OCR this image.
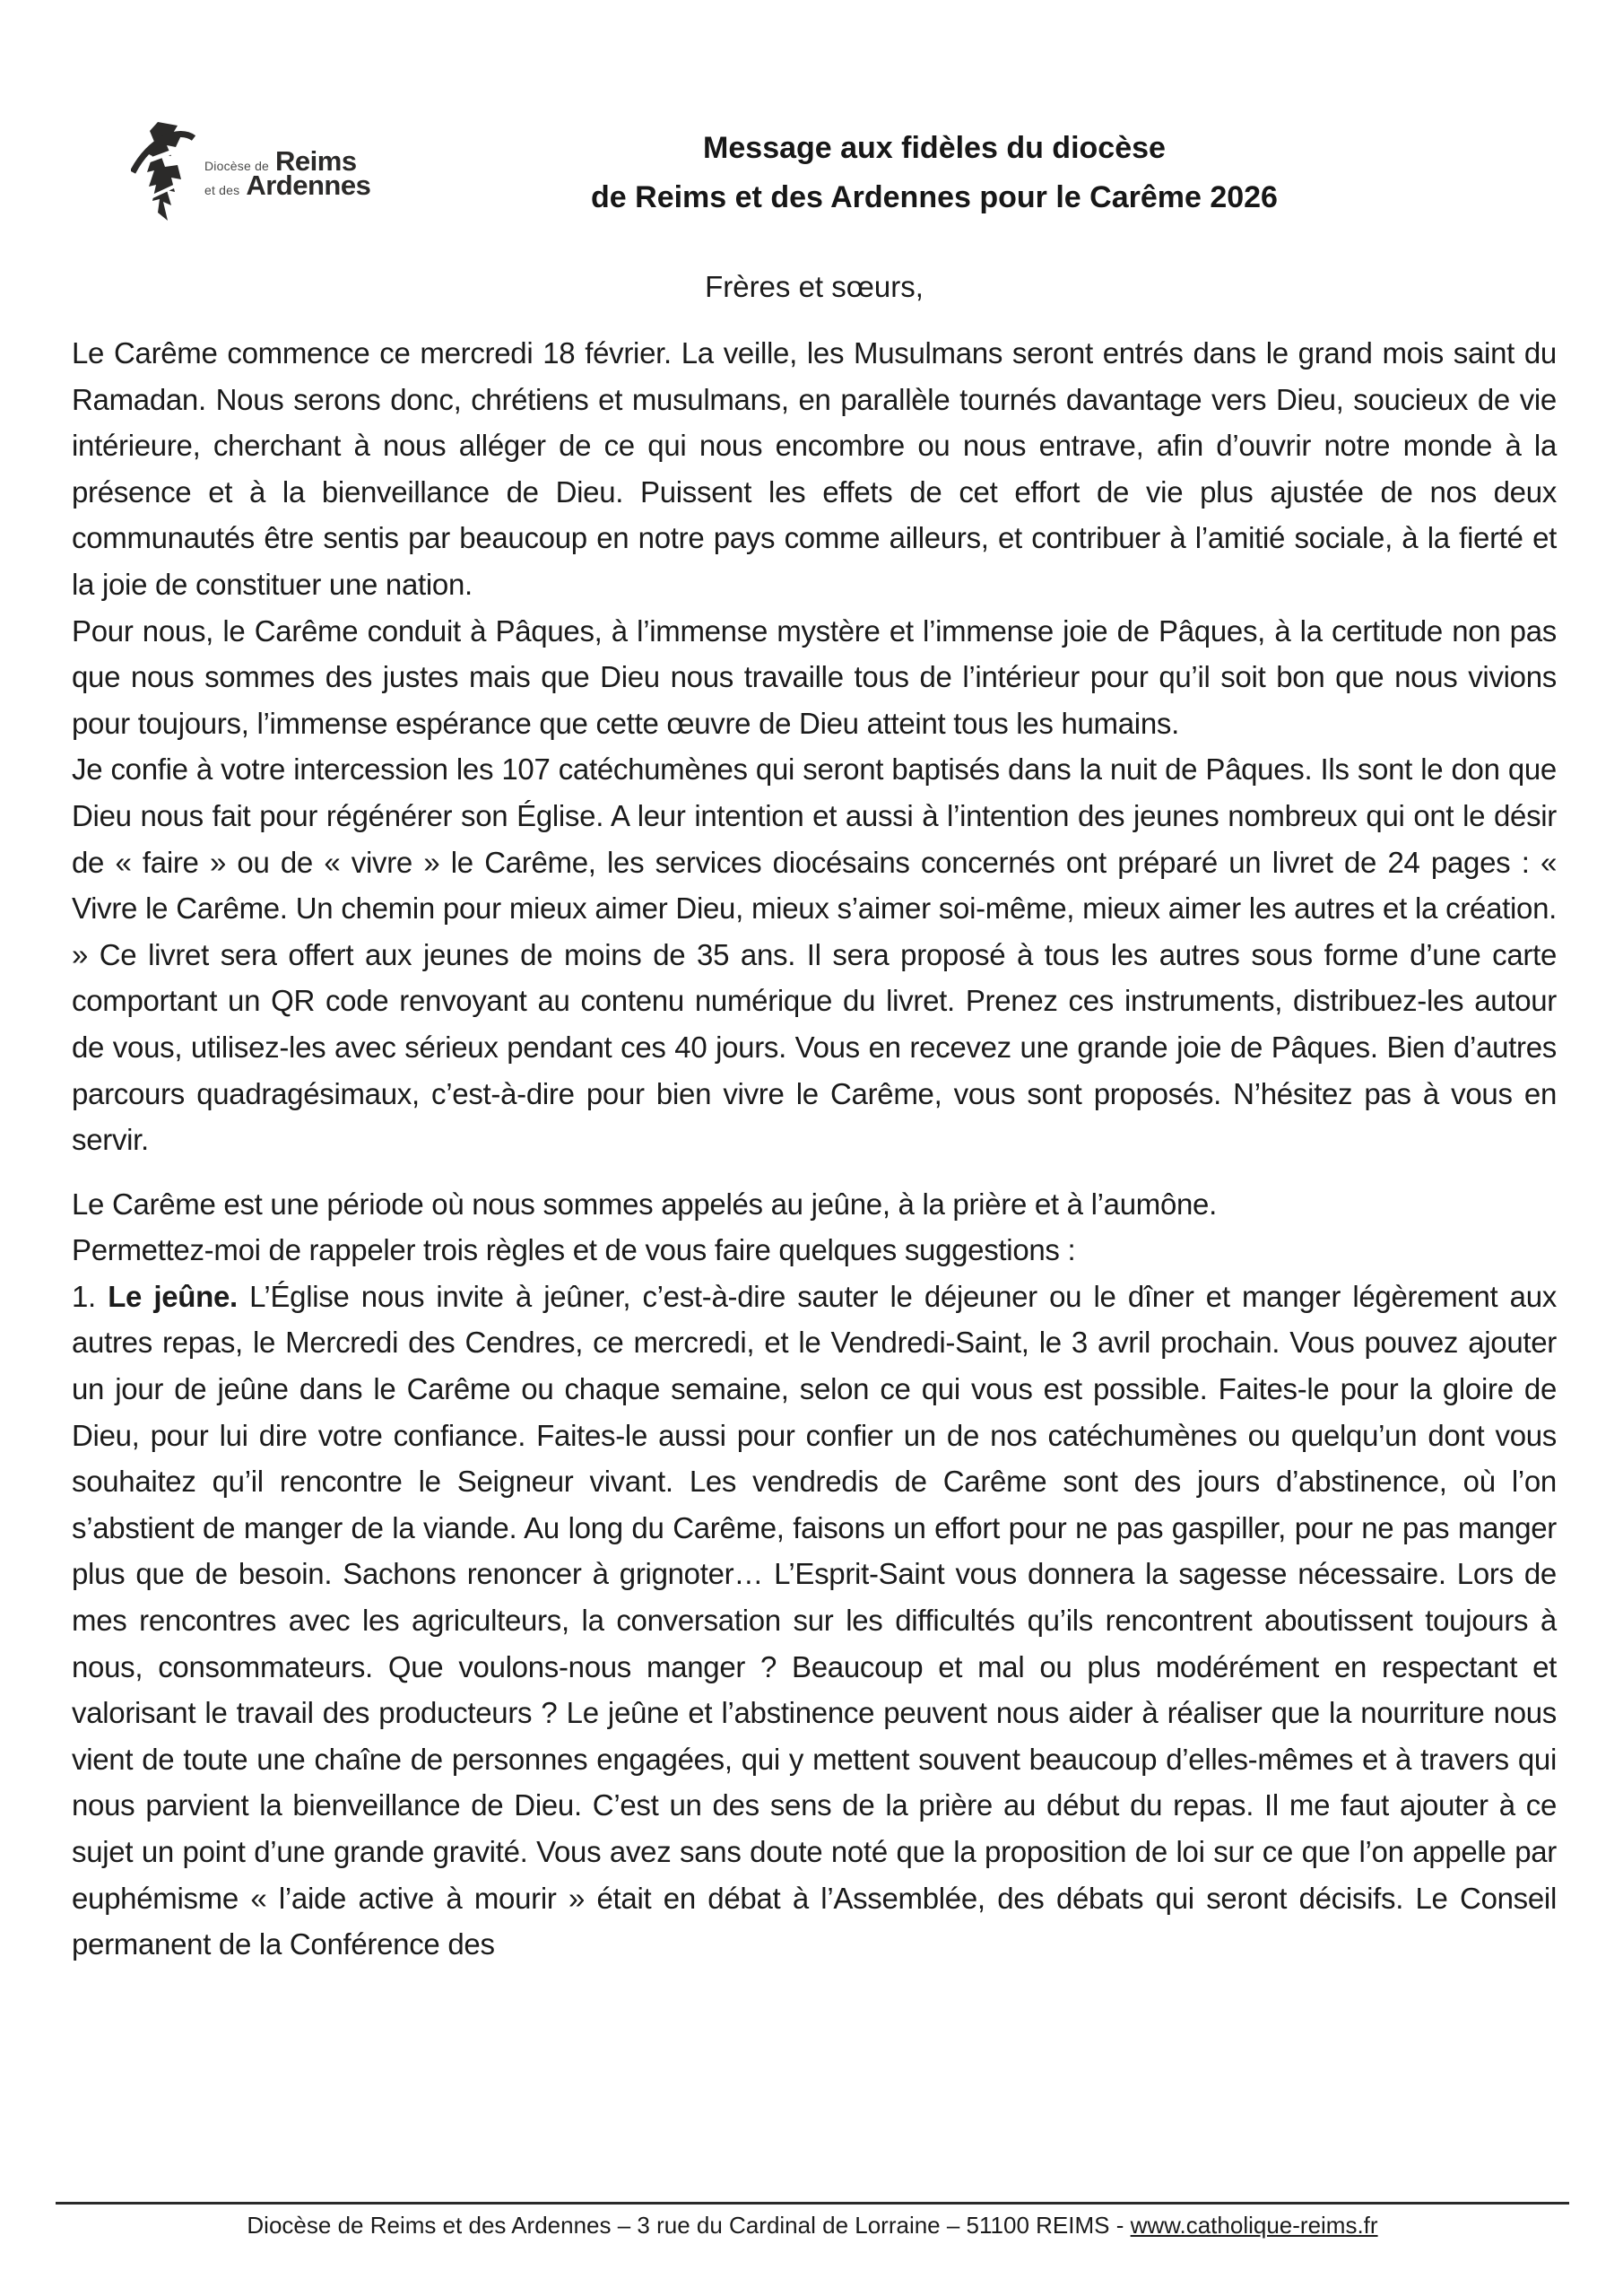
Diocèse de Reims
et des Ardennes
Message aux fidèles du diocèse
de Reims et des Ardennes pour le Carême 2026
Frères et sœurs,

Le Carême commence ce mercredi 18 février. La veille, les Musulmans seront entrés dans le grand mois saint du Ramadan. Nous serons donc, chrétiens et musulmans, en parallèle tournés davantage vers Dieu, soucieux de vie intérieure, cherchant à nous alléger de ce qui nous encombre ou nous entrave, afin d’ouvrir notre monde à la présence et à la bienveillance de Dieu. Puissent les effets de cet effort de vie plus ajustée de nos deux communautés être sentis par beaucoup en notre pays comme ailleurs, et contribuer à l’amitié sociale, à la fierté et la joie de constituer une nation.

Pour nous, le Carême conduit à Pâques, à l’immense mystère et l’immense joie de Pâques, à la certitude non pas que nous sommes des justes mais que Dieu nous travaille tous de l’intérieur pour qu’il soit bon que nous vivions pour toujours, l’immense espérance que cette œuvre de Dieu atteint tous les humains.

Je confie à votre intercession les 107 catéchumènes qui seront baptisés dans la nuit de Pâques. Ils sont le don que Dieu nous fait pour régénérer son Église. A leur intention et aussi à l’intention des jeunes nombreux qui ont le désir de « faire » ou de « vivre » le Carême, les services diocésains concernés ont préparé un livret de 24 pages : « Vivre le Carême. Un chemin pour mieux aimer Dieu, mieux s’aimer soi-même, mieux aimer les autres et la création. » Ce livret sera offert aux jeunes de moins de 35 ans. Il sera proposé à tous les autres sous forme d’une carte comportant un QR code renvoyant au contenu numérique du livret. Prenez ces instruments, distribuez-les autour de vous, utilisez-les avec sérieux pendant ces 40 jours. Vous en recevez une grande joie de Pâques. Bien d’autres parcours quadragésimaux, c’est-à-dire pour bien vivre le Carême, vous sont proposés. N’hésitez pas à vous en servir.

Le Carême est une période où nous sommes appelés au jeûne, à la prière et à l’aumône.

Permettez-moi de rappeler trois règles et de vous faire quelques suggestions :

1. Le jeûne. L’Église nous invite à jeûner, c’est-à-dire sauter le déjeuner ou le dîner et manger légèrement aux autres repas, le Mercredi des Cendres, ce mercredi, et le Vendredi-Saint, le 3 avril prochain. Vous pouvez ajouter un jour de jeûne dans le Carême ou chaque semaine, selon ce qui vous est possible. Faites-le pour la gloire de Dieu, pour lui dire votre confiance. Faites-le aussi pour confier un de nos catéchumènes ou quelqu’un dont vous souhaitez qu’il rencontre le Seigneur vivant. Les vendredis de Carême sont des jours d’abstinence, où l’on s’abstient de manger de la viande. Au long du Carême, faisons un effort pour ne pas gaspiller, pour ne pas manger plus que de besoin. Sachons renoncer à grignoter… L’Esprit-Saint vous donnera la sagesse nécessaire. Lors de mes rencontres avec les agriculteurs, la conversation sur les difficultés qu’ils rencontrent aboutissent toujours à nous, consommateurs. Que voulons-nous manger ? Beaucoup et mal ou plus modérément en respectant et valorisant le travail des producteurs ? Le jeûne et l’abstinence peuvent nous aider à réaliser que la nourriture nous vient de toute une chaîne de personnes engagées, qui y mettent souvent beaucoup d’elles-mêmes et à travers qui nous parvient la bienveillance de Dieu. C’est un des sens de la prière au début du repas. Il me faut ajouter à ce sujet un point d’une grande gravité. Vous avez sans doute noté que la proposition de loi sur ce que l’on appelle par euphémisme « l’aide active à mourir » était en débat à l’Assemblée, des débats qui seront décisifs. Le Conseil permanent de la Conférence des

Diocèse de Reims et des Ardennes – 3 rue du Cardinal de Lorraine – 51100 REIMS - www.catholique-reims.fr
